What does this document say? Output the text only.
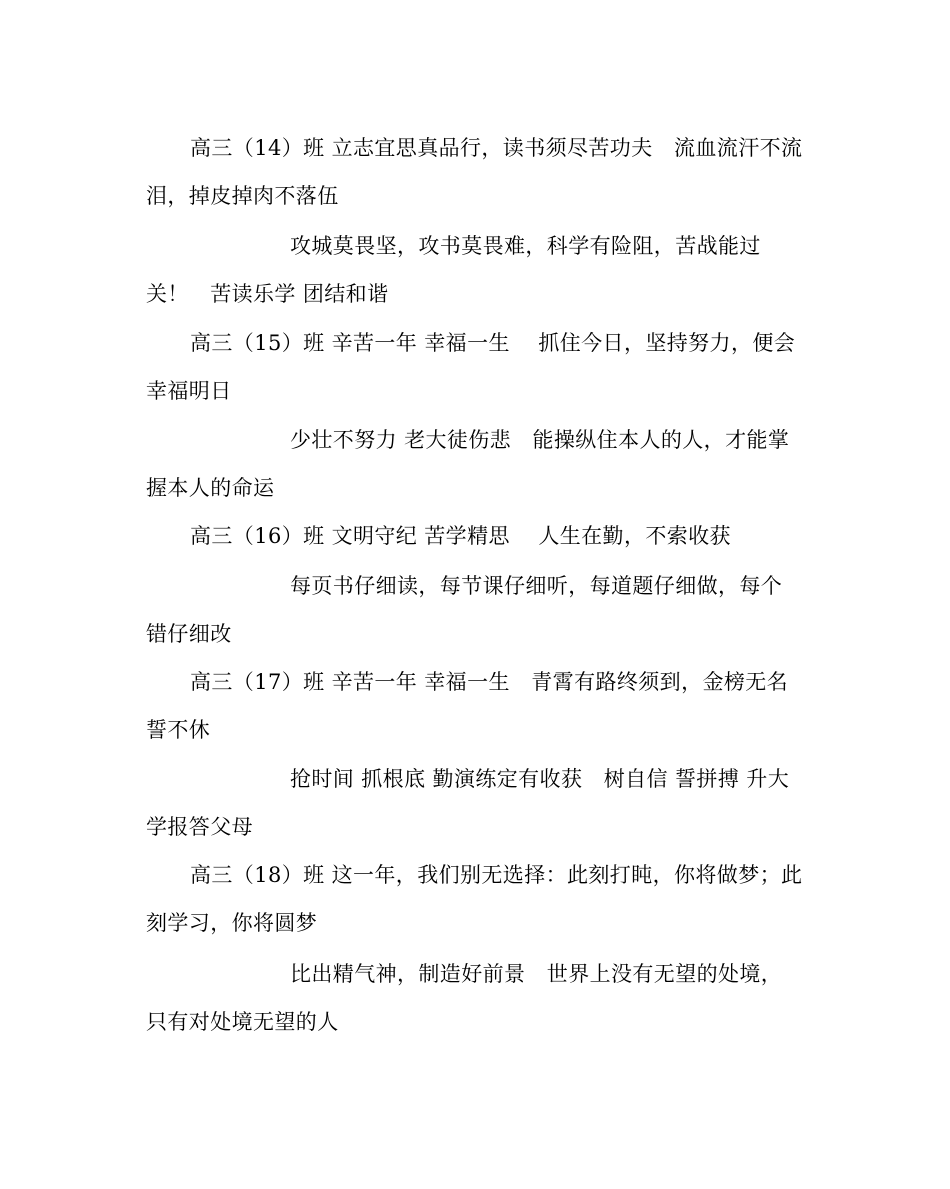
高三（14）班 立志宜思真品行，读书须尽苦功夫　流血流汗不流
泪，掉皮掉肉不落伍
攻城莫畏坚，攻书莫畏难，科学有险阻，苦战能过
关！　苦读乐学 团结和谐
高三（15）班 辛苦一年 幸福一生　 抓住今日，坚持努力，便会
幸福明日
少壮不努力 老大徒伤悲　能操纵住本人的人，才能掌
握本人的命运
高三（16）班 文明守纪 苦学精思　 人生在勤，不索收获
每页书仔细读，每节课仔细听，每道题仔细做，每个
错仔细改
高三（17）班 辛苦一年 幸福一生　青霄有路终须到，金榜无名
誓不休
抢时间 抓根底 勤演练定有收获　树自信 誓拼搏 升大
学报答父母
高三（18）班 这一年，我们别无选择：此刻打盹，你将做梦；此
刻学习，你将圆梦
比出精气神，制造好前景　世界上没有无望的处境，
只有对处境无望的人
